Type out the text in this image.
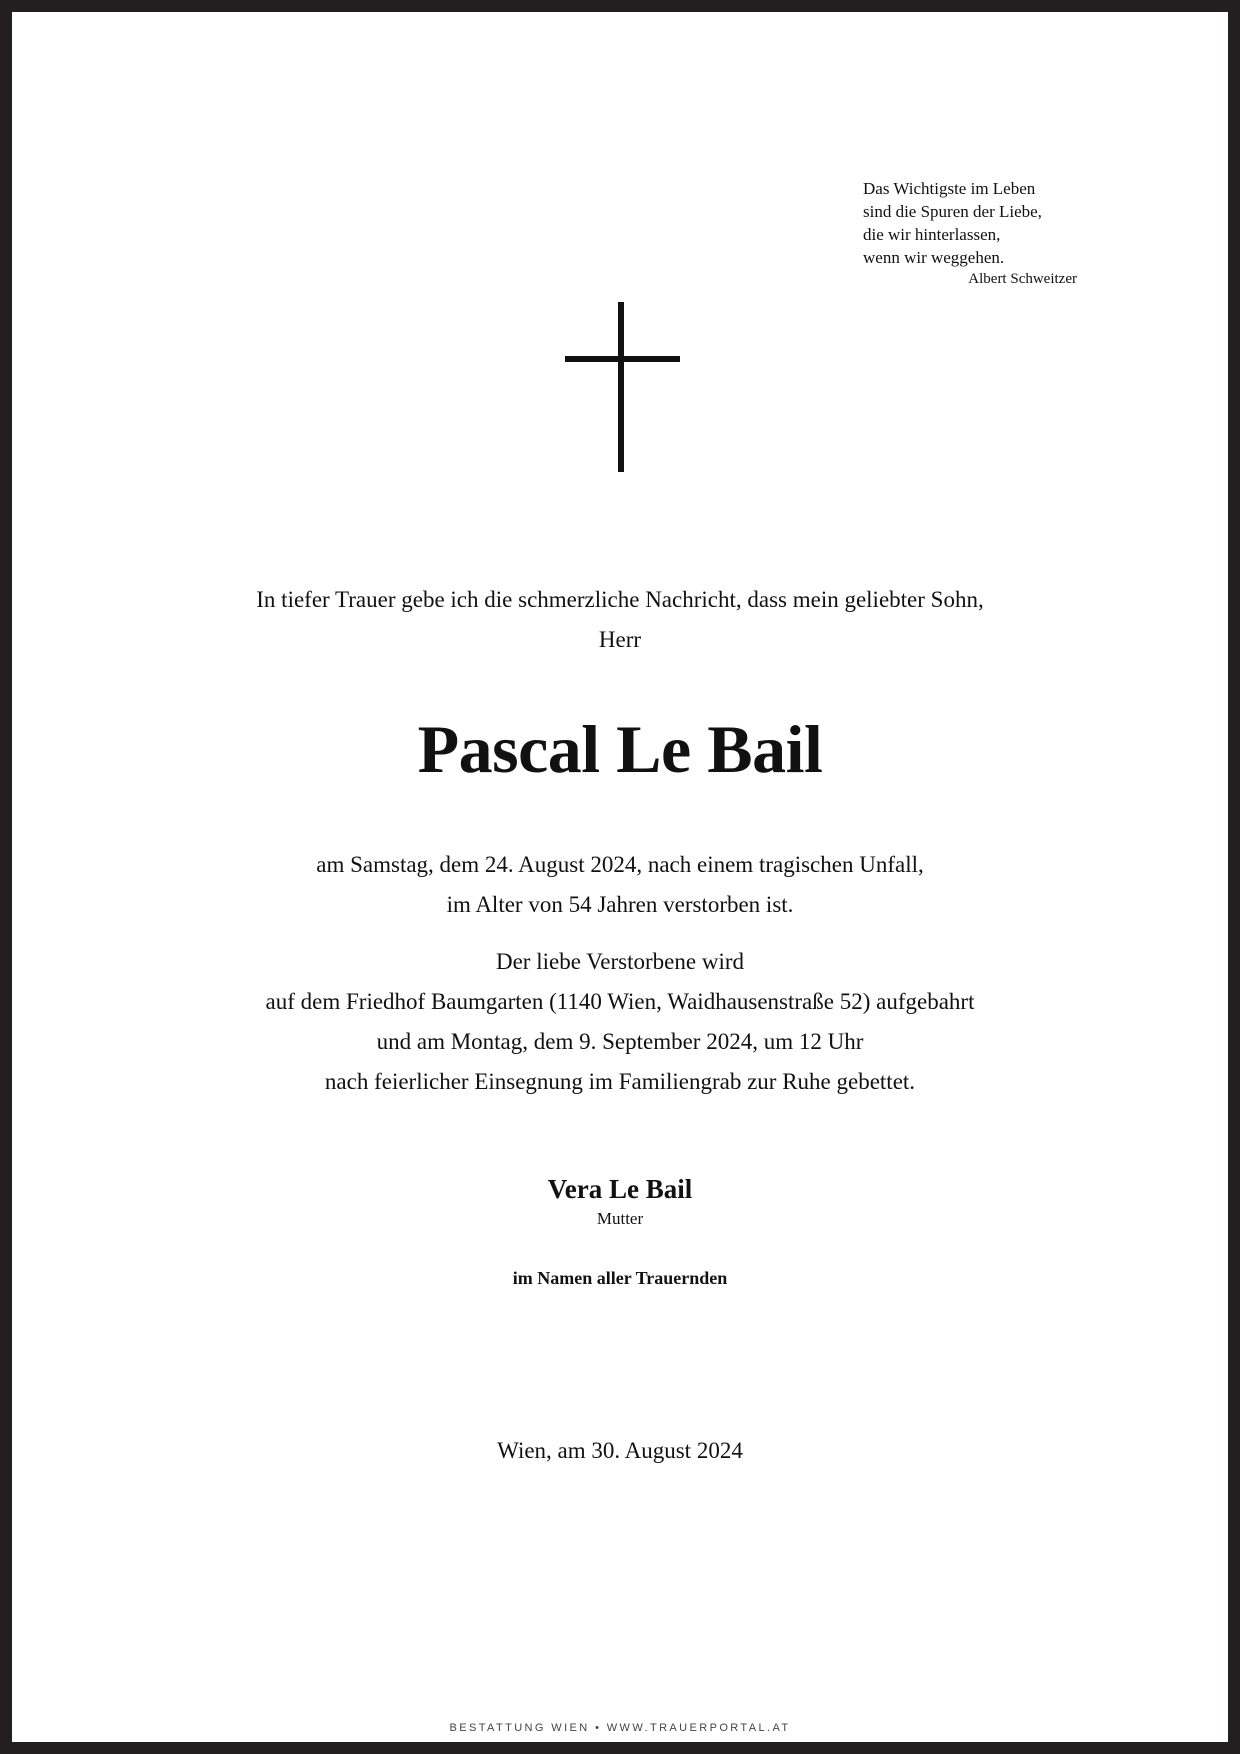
Das Wichtigste im Leben
sind die Spuren der Liebe,
die wir hinterlassen,
wenn wir weggehen.
Albert Schweitzer
In tiefer Trauer gebe ich die schmerzliche Nachricht, dass mein geliebter Sohn,
Herr
Pascal Le Bail
am Samstag, dem 24. August 2024, nach einem tragischen Unfall,
im Alter von 54 Jahren verstorben ist.
Der liebe Verstorbene wird
auf dem Friedhof Baumgarten (1140 Wien, Waidhausenstraße 52) aufgebahrt
und am Montag, dem 9. September 2024, um 12 Uhr
nach feierlicher Einsegnung im Familiengrab zur Ruhe gebettet.
Vera Le Bail
Mutter
im Namen aller Trauernden
Wien, am 30. August 2024
BESTATTUNG WIEN • WWW.TRAUERPORTAL.AT
